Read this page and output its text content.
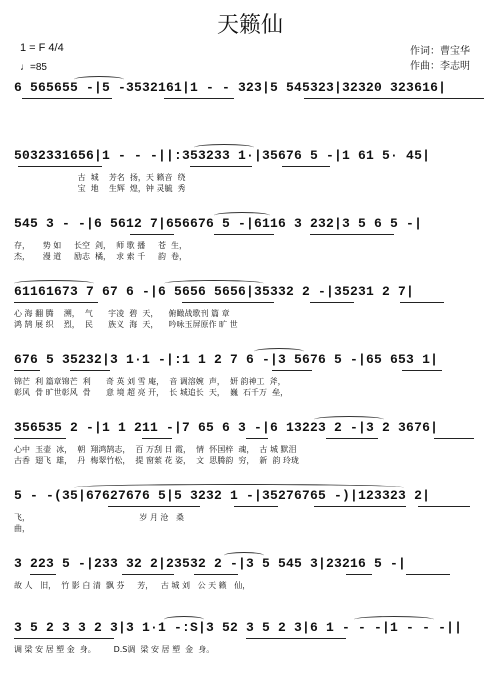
天籁仙
1 = F 4/4
♩=85
作词：曹宝华
作曲：李志明
6 565655 -|5 -3532161|1 - - 323|5 545323|32320 323616|
5032331656|1 - - -||:353233 1·|35676 5 -|1 61 5· 45|
古  城    芳名  扬，天 籁音  绕
宝  地    生辉  煌，钟 灵毓  秀
545 3 - -|6 5612 7|656676 5 -|6116 3 232|3 5 6 5 -|
存，     势 如     长空  剑，  师 歌 播     苍  生，
杰，     漫 道     励志  橘，  求 索 千     韵  卷，
61161673 7 67 6 -|6 5656 5656|35332 2 -|35231 2 7|
心 海 翻 腾    溯，  气      宇凌  碧  天，    俯瞰战歌刊 篇 章
鸿 鹄 展 织    烈，  民      族义  海  天，    吟咏玉屏原作 旷 世
676 5 35232|3 1·1 -|:1 1 2 7 6 -|3 5676 5 -|65 653 1|
锦芒  利 篇章锦芒  利      奇 英 刘 雪 庵，  音 调溶婉  声，  妍 韵神工  斧，
彰风  骨 旷世彰风  骨      意 境 超 亮 开，  长 城追长  天，  巍  石千万  垒，
356535 2 -|1 1 211 -|7 65 6 3 -|6 13223 2 -|3 2 3676|
心中  玉壶  冰，  朝  翔鸿鹄志，  百 万刮 日 霞，  情  怀国梓  魂，  古 城 默泪
古香  翅飞  雄，  丹  梅翠竹松，  提 窗萦 花 姿，  文  思腾韵  穷，  新  韵 玲珑
5 - -(35|67627676 5|5 3232 1 -|35276765 -)|123323 2|
飞，                                           岁 月 沧   桑
曲，
3 223 5 -|233 32 2|23532 2 -|3 5 545 3|23216 5 -|
故 人   旧，  竹 影 白 清  飘 芬     芳，   古 城 刘   公 天 籁   仙，
3 5 2 3 3 2 3|3 1·1 -:S|3 52 3 5 2 3|6 1 - - -|1 - - -||
调 梁 安 居 塑 金  身。       D.S调  梁 安 居 塑  金  身。
